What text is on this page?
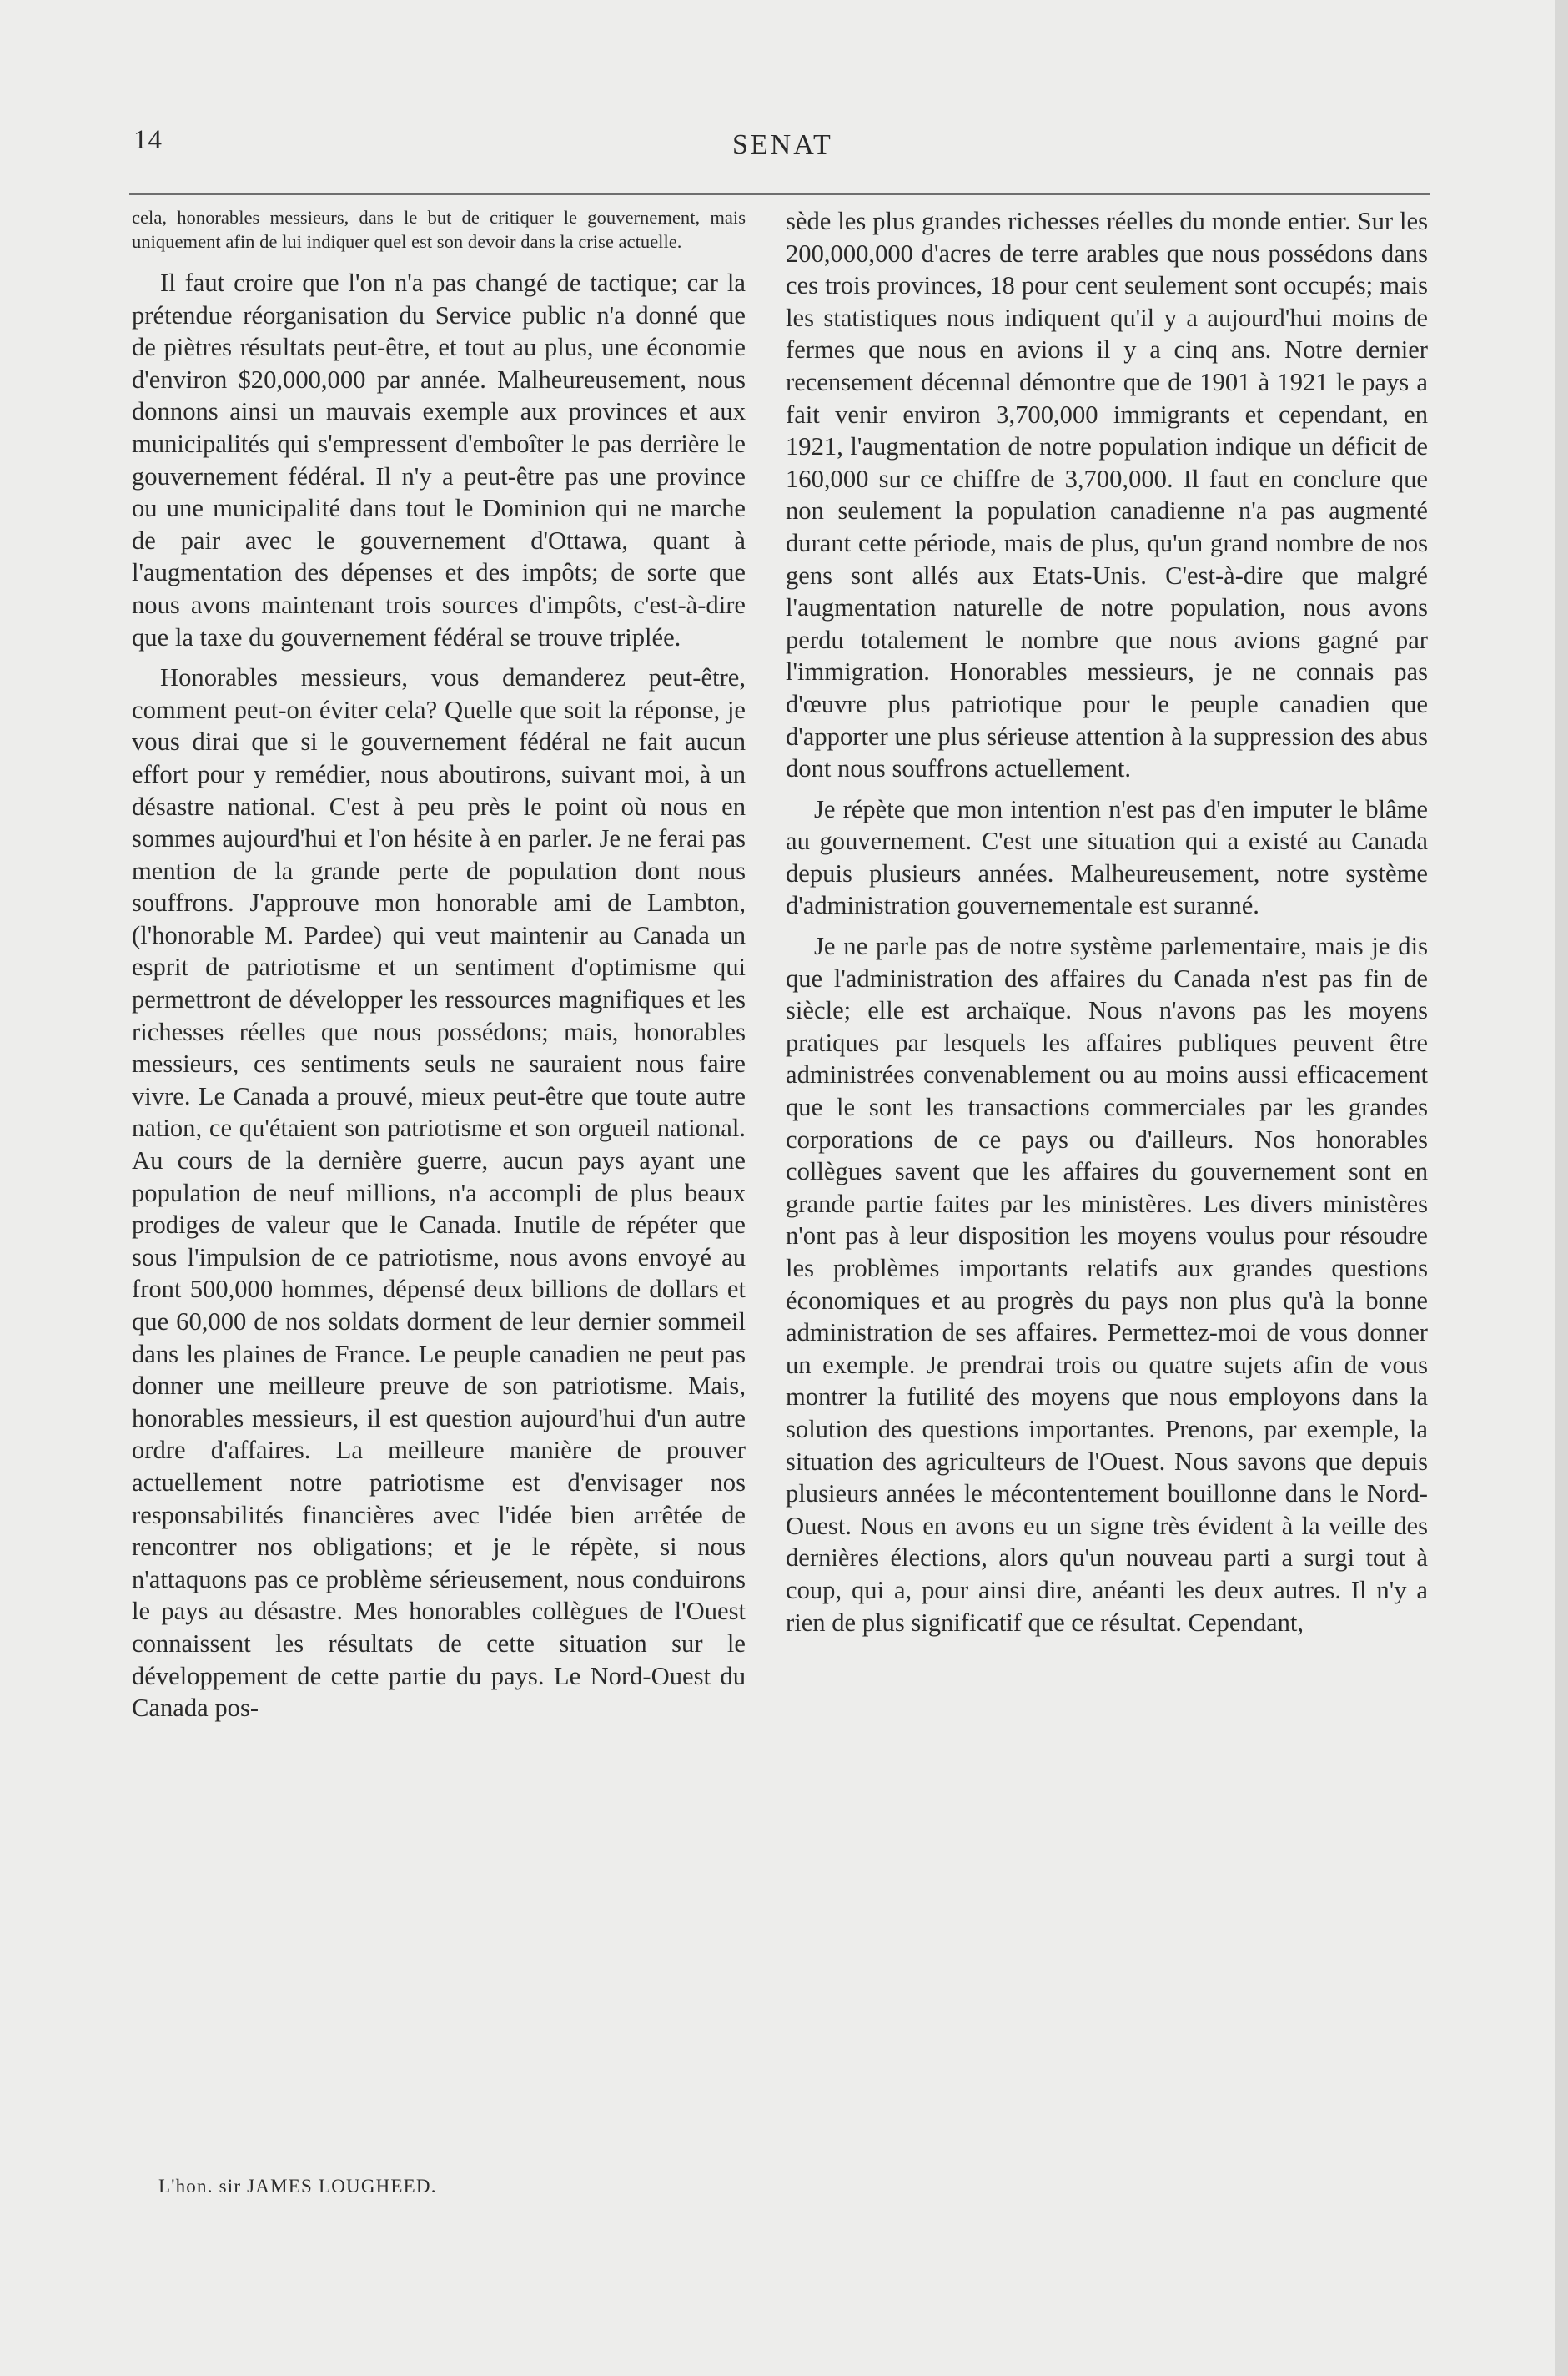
14	SENAT

cela, honorables messieurs, dans le but de critiquer le gouvernement, mais uniquement afin de lui indiquer quel est son devoir dans la crise actuelle.

Il faut croire que l'on n'a pas changé de tactique; car la prétendue réorganisation du Service public n'a donné que de piètres résultats peut-être, et tout au plus, une économie d'environ $20,000,000 par année. Malheureusement, nous donnons ainsi un mauvais exemple aux provinces et aux municipalités qui s'empressent d'emboîter le pas derrière le gouvernement fédéral. Il n'y a peut-être pas une province ou une municipalité dans tout le Dominion qui ne marche de pair avec le gouvernement d'Ottawa, quant à l'augmentation des dépenses et des impôts; de sorte que nous avons maintenant trois sources d'impôts, c'est-à-dire que la taxe du gouvernement fédéral se trouve triplée.

Honorables messieurs, vous demanderez peut-être, comment peut-on éviter cela? Quelle que soit la réponse, je vous dirai que si le gouvernement fédéral ne fait aucun effort pour y remédier, nous aboutirons, suivant moi, à un désastre national. C'est à peu près le point où nous en sommes aujourd'hui et l'on hésite à en parler. Je ne ferai pas mention de la grande perte de population dont nous souffrons. J'approuve mon honorable ami de Lambton, (l'honorable M. Pardee) qui veut maintenir au Canada un esprit de patriotisme et un sentiment d'optimisme qui permettront de développer les ressources magnifiques et les richesses réelles que nous possédons; mais, honorables messieurs, ces sentiments seuls ne sauraient nous faire vivre. Le Canada a prouvé, mieux peut-être que toute autre nation, ce qu'étaient son patriotisme et son orgueil national. Au cours de la dernière guerre, aucun pays ayant une population de neuf millions, n'a accompli de plus beaux prodiges de valeur que le Canada. Inutile de répéter que sous l'impulsion de ce patriotisme, nous avons envoyé au front 500,000 hommes, dépensé deux billions de dollars et que 60,000 de nos soldats dorment de leur dernier sommeil dans les plaines de France. Le peuple canadien ne peut pas donner une meilleure preuve de son patriotisme. Mais, honorables messieurs, il est question aujourd'hui d'un autre ordre d'affaires. La meilleure manière de prouver actuellement notre patriotisme est d'envisager nos responsabilités financières avec l'idée bien arrêtée de rencontrer nos obligations; et je le répète, si nous n'attaquons pas ce problème sérieusement, nous conduirons le pays au désastre. Mes honorables collègues de l'Ouest connaissent les résultats de cette situation sur le développement de cette partie du pays. Le Nord-Ouest du Canada pos-

sède les plus grandes richesses réelles du monde entier. Sur les 200,000,000 d'acres de terre arables que nous possédons dans ces trois provinces, 18 pour cent seulement sont occupés; mais les statistiques nous indiquent qu'il y a aujourd'hui moins de fermes que nous en avions il y a cinq ans. Notre dernier recensement décennal démontre que de 1901 à 1921 le pays a fait venir environ 3,700,000 immigrants et cependant, en 1921, l'augmentation de notre population indique un déficit de 160,000 sur ce chiffre de 3,700,000. Il faut en conclure que non seulement la population canadienne n'a pas augmenté durant cette période, mais de plus, qu'un grand nombre de nos gens sont allés aux Etats-Unis. C'est-à-dire que malgré l'augmentation naturelle de notre population, nous avons perdu totalement le nombre que nous avions gagné par l'immigration. Honorables messieurs, je ne connais pas d'œuvre plus patriotique pour le peuple canadien que d'apporter une plus sérieuse attention à la suppression des abus dont nous souffrons actuellement.

Je répète que mon intention n'est pas d'en imputer le blâme au gouvernement. C'est une situation qui a existé au Canada depuis plusieurs années. Malheureusement, notre système d'administration gouvernementale est suranné.

Je ne parle pas de notre système parlementaire, mais je dis que l'administration des affaires du Canada n'est pas fin de siècle; elle est archaïque. Nous n'avons pas les moyens pratiques par lesquels les affaires publiques peuvent être administrées convenablement ou au moins aussi efficacement que le sont les transactions commerciales par les grandes corporations de ce pays ou d'ailleurs. Nos honorables collègues savent que les affaires du gouvernement sont en grande partie faites par les ministères. Les divers ministères n'ont pas à leur disposition les moyens voulus pour résoudre les problèmes importants relatifs aux grandes questions économiques et au progrès du pays non plus qu'à la bonne administration de ses affaires. Permettez-moi de vous donner un exemple. Je prendrai trois ou quatre sujets afin de vous montrer la futilité des moyens que nous employons dans la solution des questions importantes. Prenons, par exemple, la situation des agriculteurs de l'Ouest. Nous savons que depuis plusieurs années le mécontentement bouillonne dans le Nord-Ouest. Nous en avons eu un signe très évident à la veille des dernières élections, alors qu'un nouveau parti a surgi tout à coup, qui a, pour ainsi dire, anéanti les deux autres. Il n'y a rien de plus significatif que ce résultat. Cependant,

L'hon. sir JAMES LOUGHEED.
